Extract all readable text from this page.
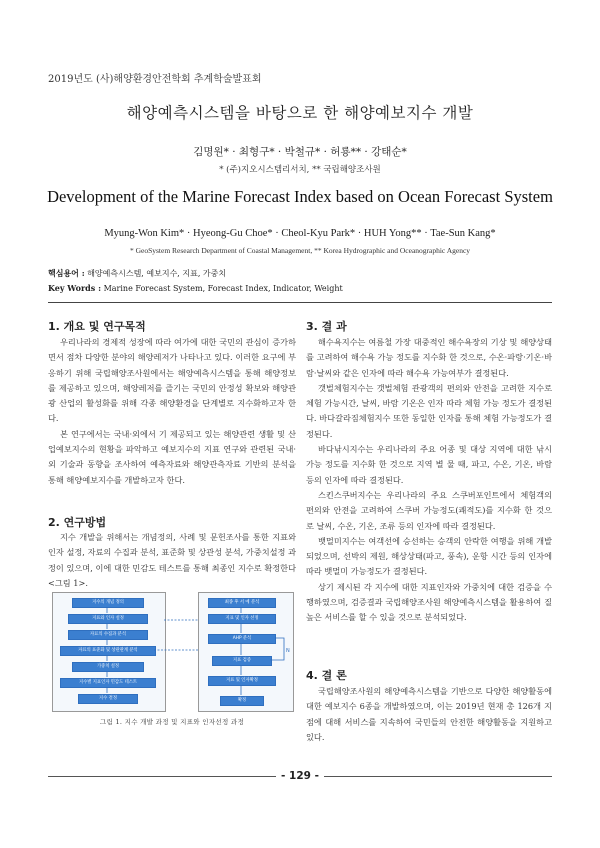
2019년도 (사)해양환경안전학회 추계학술발표회
해양예측시스템을 바탕으로 한 해양예보지수 개발
김명원* · 최형구* · 박철규* · 허룡** · 강태순*
* (주)지오시스템리서치, ** 국립해양조사원
Development of the Marine Forecast Index based on Ocean Forecast System
Myung-Won Kim* · Hyeong-Gu Choe* · Cheol-Kyu Park* · HUH Yong** · Tae-Sun Kang*
* GeoSystem Research Department of Coastal Management, ** Korea Hydrographic and Oceanographic Agency
핵심용어 : 해양예측시스템, 예보지수, 지표, 가중치
Key Words : Marine Forecast System, Forecast Index, Indicator, Weight
1. 개요 및 연구목적

우리나라의 경제적 성장에 따라 여가에 대한 국민의 관심이 증가하면서 점차 다양한 분야의 해양레저가 나타나고 있다. 이러한 요구에 부응하기 위해 국립해양조사원에서는 해양예측시스템을 통해 해양정보를 제공하고 있으며, 해양레저를 즐기는 국민의 안정성 확보와 해양관광 산업의 활성화를 위해 각종 해양환경을 단계별로 지수화하고자 한다.

본 연구에서는 국내·외에서 기 제공되고 있는 해양관련 생활 및 산업예보지수의 현황을 파악하고 예보지수의 지표 연구와 관련된 국내·외 기술과 동향을 조사하여 예측자료와 해양관측자료 기반의 분석을 통해 해양예보지수를 개발하고자 한다.

2. 연구방법

지수 개발을 위해서는 개념정의, 사례 및 문헌조사를 통한 지표와 인자 설정, 자료의 수집과 분석, 표준화 및 상관성 분석, 가중치설정 과정이 있으며, 이에 대한 민감도 테스트를 통해 최종인 지수로 확정한다<그림 1>.

지수의 개념 정의
지표와 인자 설정
자료의 수집과 분석
자료의 표준화 및 상관관계 분석
가중치 설정
지수별 지표인자 민감도 테스트
지수 결정
최종 후 서 예 분석
지표 및 인자 선정
AHP 분석
지표 검증
지표 및 인자확정
확정
N
그림 1. 지수 개발 과정 및 지표와 인자선정 과정
3. 결 과

해수욕지수는 여름철 가장 대중적인 해수욕장의 기상 및 해양상태를 고려하여 해수욕 가능 정도를 지수화 한 것으로, 수온·파랑·기온·바람·날씨와 같은 인자에 따라 해수욕 가능여부가 결정된다.

갯벌체험지수는 갯벌체험 관광객의 편의와 안전을 고려한 지수로 체험 가능시간, 날씨, 바람 기온은 인자 따라 체험 가능 정도가 결정된다. 바다갈라짐체험지수 또한 동일한 인자를 통해 체험 가능정도가 결정된다.

바다낚시지수는 우리나라의 주요 어종 및 대상 지역에 대한 낚시 가능 정도를 지수화 한 것으로 지역 별 물 때, 파고, 수온, 기온, 바람 등의 인자에 따라 결정된다.

스킨스쿠버지수는 우리나라의 주요 스쿠버포인트에서 체험객의 편의와 안전을 고려하여 스쿠버 가능정도(쾌적도)를 지수화 한 것으로 날씨, 수온, 기온, 조류 등의 인자에 따라 결정된다.

뱃멀미지수는 여객선에 승선하는 승객의 안락한 여행을 위해 개발되었으며, 선박의 제원, 해상상태(파고, 풍속), 운항 시간 등의 인자에 따라 뱃멀미 가능정도가 결정된다.

상기 제시된 각 지수에 대한 지표인자와 가중치에 대한 검증을 수행하였으며, 검증결과 국립해양조사원 해양예측시스템을 활용하여 질 높은 서비스를 할 수 있을 것으로 분석되었다.

4. 결 론

국립해양조사원의 해양예측시스템을 기반으로 다양한 해양활동에 대한 예보지수 6종을 개발하였으며, 이는 2019년 현재 총 126개 지점에 대해 서비스를 지속하여 국민들의 안전한 해양활동을 지원하고 있다.

- 129 -
